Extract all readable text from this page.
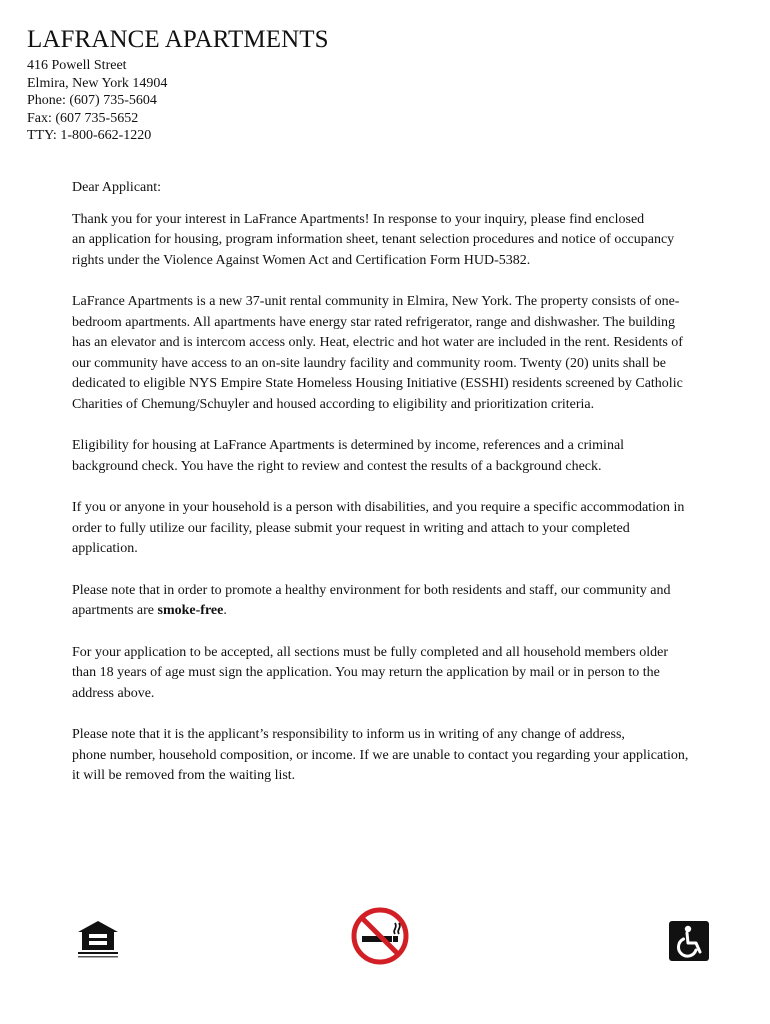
LAFRANCE APARTMENTS
416 Powell Street
Elmira, New York 14904
Phone: (607) 735-5604
Fax: (607 735-5652
TTY: 1-800-662-1220
Dear Applicant:
Thank you for your interest in LaFrance Apartments! In response to your inquiry, please find enclosed
an application for housing, program information sheet, tenant selection procedures and notice of occupancy
rights under the Violence Against Women Act and Certification Form HUD-5382.
LaFrance Apartments is a new 37-unit rental community in Elmira, New York. The property consists of one-
bedroom apartments. All apartments have energy star rated refrigerator, range and dishwasher. The building
has an elevator and is intercom access only. Heat, electric and hot water are included in the rent. Residents of
our community have access to an on-site laundry facility and community room. Twenty (20) units shall be
dedicated to eligible NYS Empire State Homeless Housing Initiative (ESSHI) residents screened by Catholic
Charities of Chemung/Schuyler and housed according to eligibility and prioritization criteria.
Eligibility for housing at LaFrance Apartments is determined by income, references and a criminal
background check. You have the right to review and contest the results of a background check.
If you or anyone in your household is a person with disabilities, and you require a specific accommodation in
order to fully utilize our facility, please submit your request in writing and attach to your completed
application.
Please note that in order to promote a healthy environment for both residents and staff, our community and
apartments are smoke-free.
For your application to be accepted, all sections must be fully completed and all household members older
than 18 years of age must sign the application. You may return the application by mail or in person to the
address above.
Please note that it is the applicant’s responsibility to inform us in writing of any change of address,
phone number, household composition, or income. If we are unable to contact you regarding your application,
it will be removed from the waiting list.
